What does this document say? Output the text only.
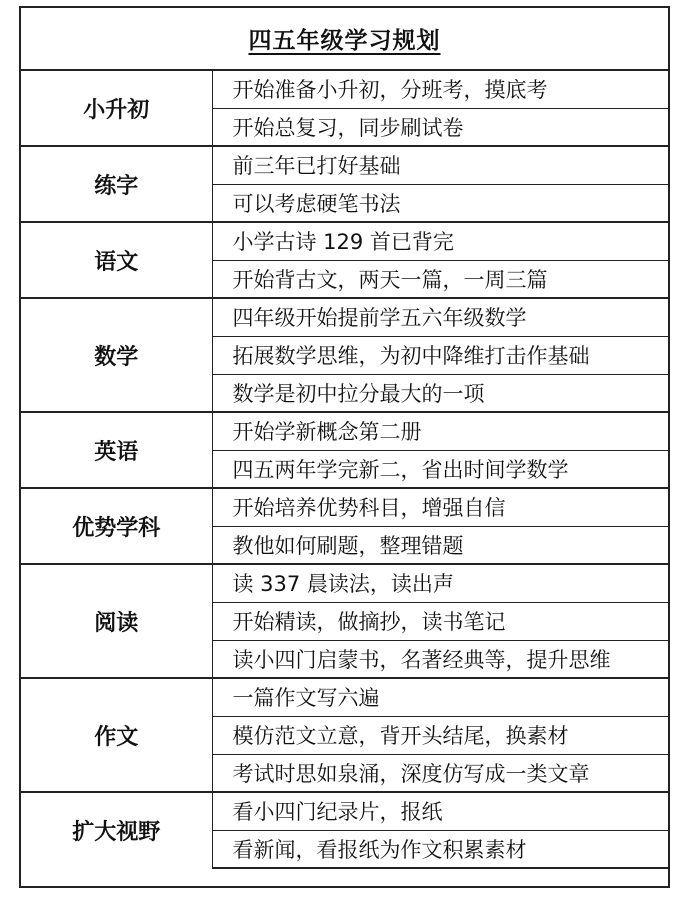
四五年级学习规划	
小升初	开始准备小升初，分班考，摸底考
	开始总复习，同步刷试卷
练字	前三年已打好基础
	可以考虑硬笔书法
语文	小学古诗 129 首已背完
	开始背古文，两天一篇，一周三篇
数学	四年级开始提前学五六年级数学
	拓展数学思维，为初中降维打击作基础
	数学是初中拉分最大的一项
英语	开始学新概念第二册
	四五两年学完新二，省出时间学数学
优势学科	开始培养优势科目，增强自信
	教他如何刷题，整理错题
阅读	读 337 晨读法，读出声
	开始精读，做摘抄，读书笔记
	读小四门启蒙书，名著经典等，提升思维
作文	一篇作文写六遍
	模仿范文立意，背开头结尾，换素材
	考试时思如泉涌，深度仿写成一类文章
扩大视野	看小四门纪录片，报纸
	看新闻，看报纸为作文积累素材
